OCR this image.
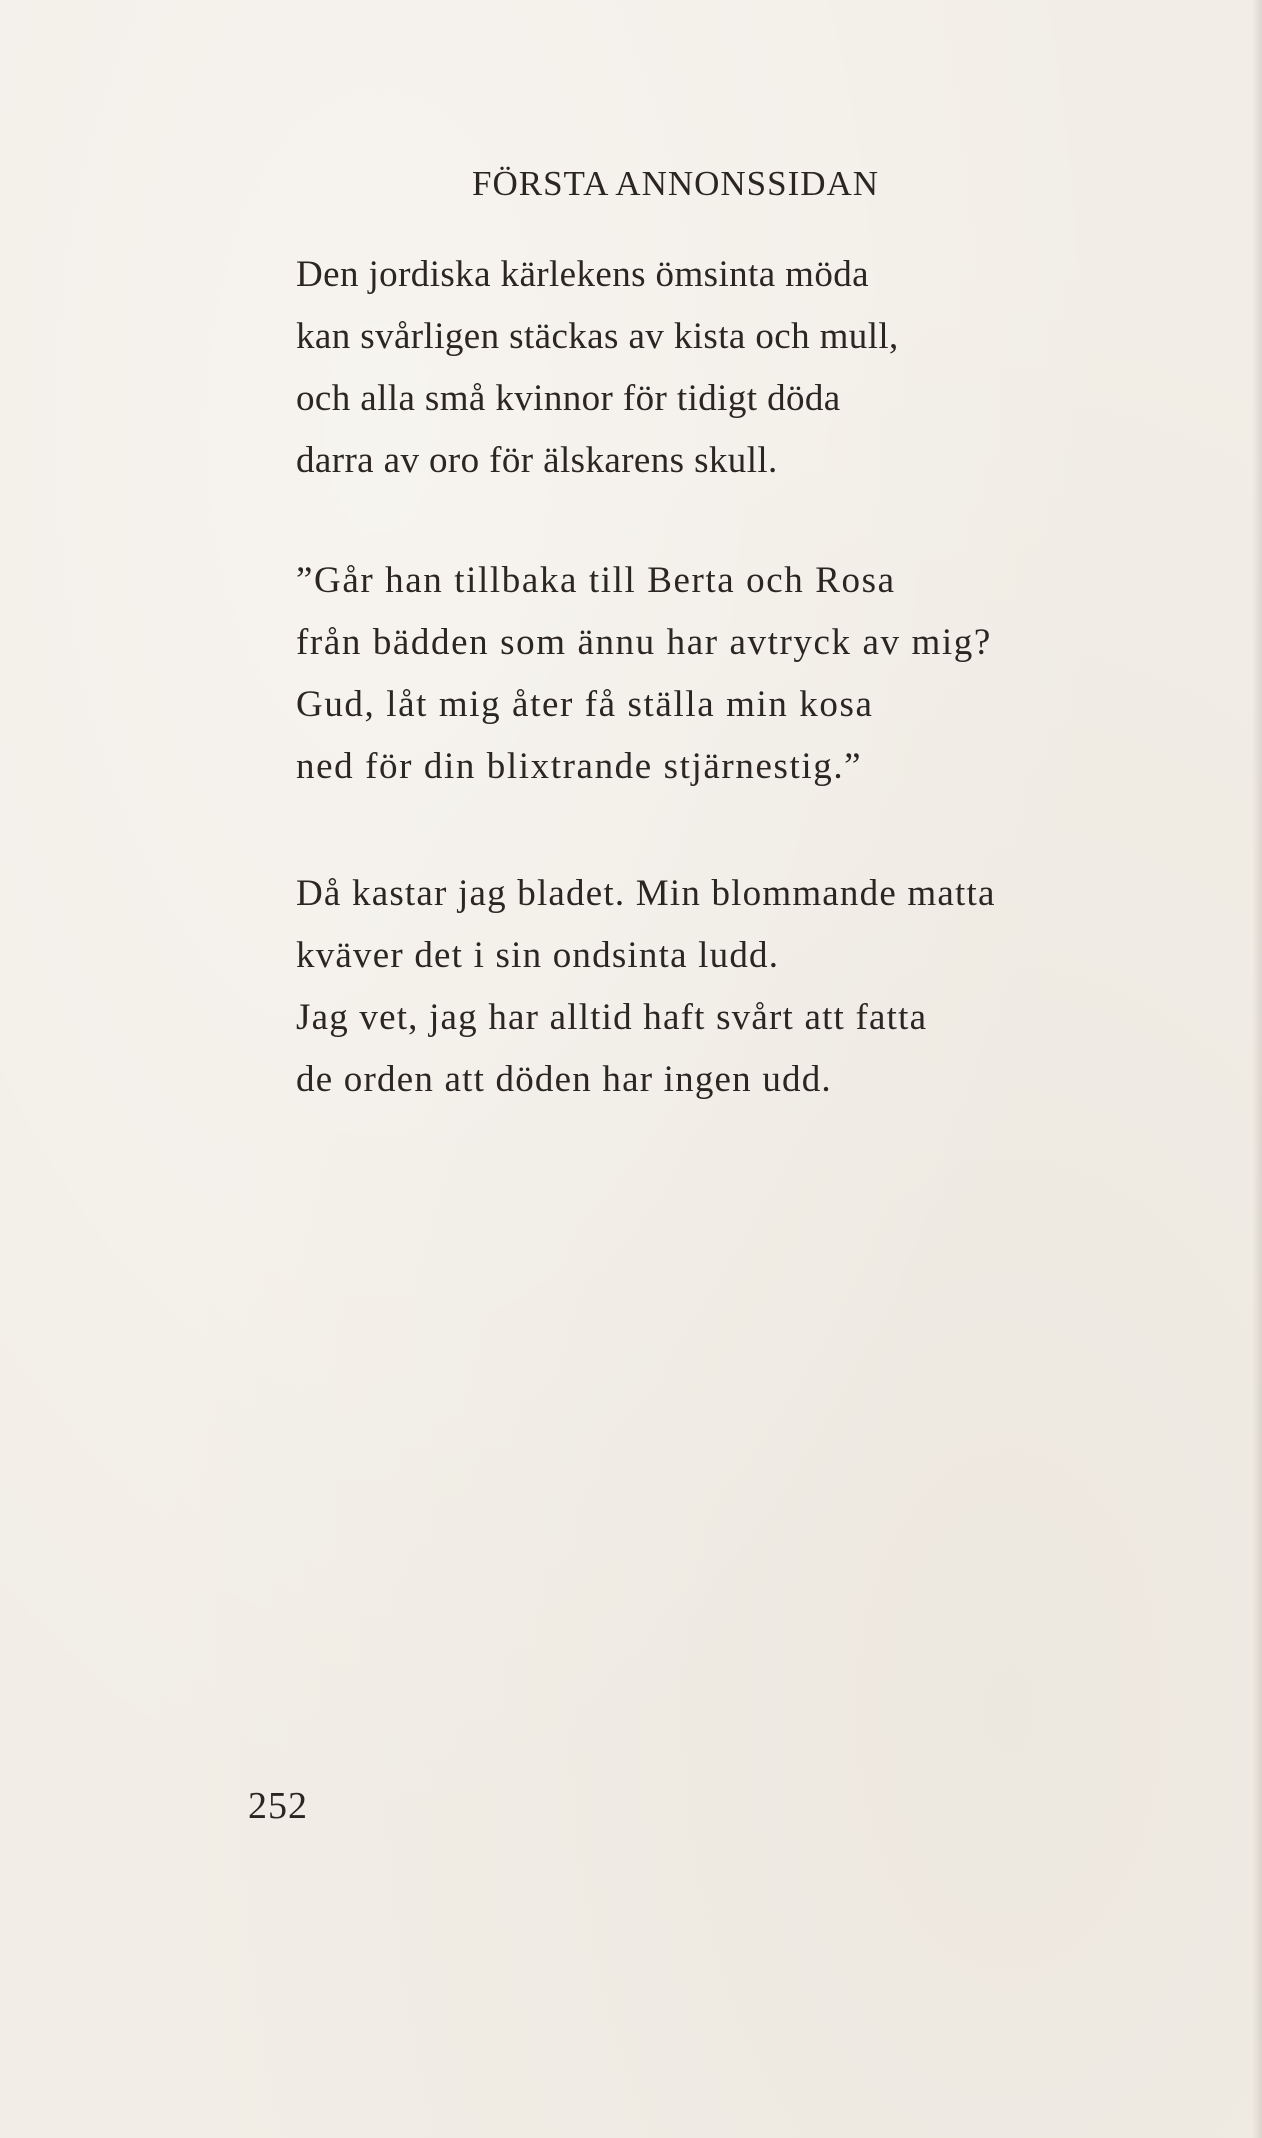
FÖRSTA ANNONSSIDAN
Den jordiska kärlekens ömsinta möda
kan svårligen stäckas av kista och mull,
och alla små kvinnor för tidigt döda
darra av oro för älskarens skull.
”Går han tillbaka till Berta och Rosa
från bädden som ännu har avtryck av mig?
Gud, låt mig åter få ställa min kosa
ned för din blixtrande stjärnestig.”
Då kastar jag bladet. Min blommande matta
kväver det i sin ondsinta ludd.
Jag vet, jag har alltid haft svårt att fatta
de orden att döden har ingen udd.
252
